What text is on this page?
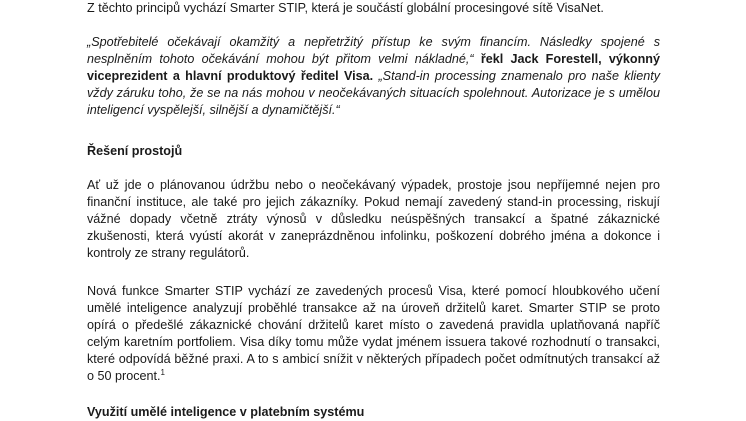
Z těchto principů vychází Smarter STIP, která je součástí globální procesingové sítě VisaNet.

„Spotřebitelé očekávají okamžitý a nepřetržitý přístup ke svým financím. Následky spojené s nesplněním tohoto očekávání mohou být přitom velmi nákladné,“ řekl Jack Forestell, výkonný viceprezident a hlavní produktový ředitel Visa. „Stand-in processing znamenalo pro naše klienty vždy záruku toho, že se na nás mohou v neočekávaných situacích spolehnout. Autorizace je s umělou inteligencí vyspělejší, silnější a dynamičtější.“

Řešení prostojů

Ať už jde o plánovanou údržbu nebo o neočekávaný výpadek, prostoje jsou nepříjemné nejen pro finanční instituce, ale také pro jejich zákazníky. Pokud nemají zavedený stand-in processing, riskují vážné dopady včetně ztráty výnosů v důsledku neúspěšných transakcí a špatné zákaznické zkušenosti, která vyústí akorát v zaneprázdněnou infolinku, poškození dobrého jména a dokonce i kontroly ze strany regulátorů.

Nová funkce Smarter STIP vychází ze zavedených procesů Visa, které pomocí hloubkového učení umělé inteligence analyzují proběhlé transakce až na úroveň držitelů karet. Smarter STIP se proto opírá o předešlé zákaznické chování držitelů karet místo o zavedená pravidla uplatňovaná napříč celým karetním portfoliem. Visa díky tomu může vydat jménem issuera takové rozhodnutí o transakci, které odpovídá běžné praxi. A to s ambicí snížit v některých případech počet odmítnutých transakcí až o 50 procent.$^1$

Využití umělé inteligence v platebním systému
